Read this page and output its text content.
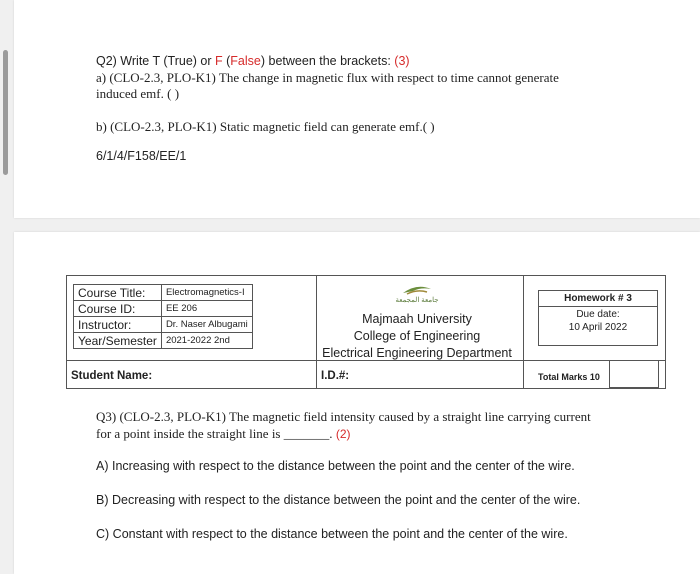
Q2) Write T (True) or F (False) between the brackets: (3)
a) (CLO-2.3, PLO-K1) The change in magnetic flux with respect to time cannot generate
induced emf. ( )
b) (CLO-2.3, PLO-K1) Static magnetic field can generate emf.( )
6/1/4/F158/EE/1
Course Title:	Electromagnetics-I
Course ID:	EE 206
Instructor:	Dr. Naser Albugami
Year/Semester	2021-2022 2nd
جامعة المجمعة
Majmaah University
College of Engineering
Electrical Engineering Department
Homework # 3
Due date:
10 April 2022
Student Name:	I.D.#:	Total Marks 10
Q3) (CLO-2.3, PLO-K1) The magnetic field intensity caused by a straight line carrying current
for a point inside the straight line is _______. (2)
A) Increasing with respect to the distance between the point and the center of the wire.
B) Decreasing with respect to the distance between the point and the center of the wire.
C) Constant with respect to the distance between the point and the center of the wire.
